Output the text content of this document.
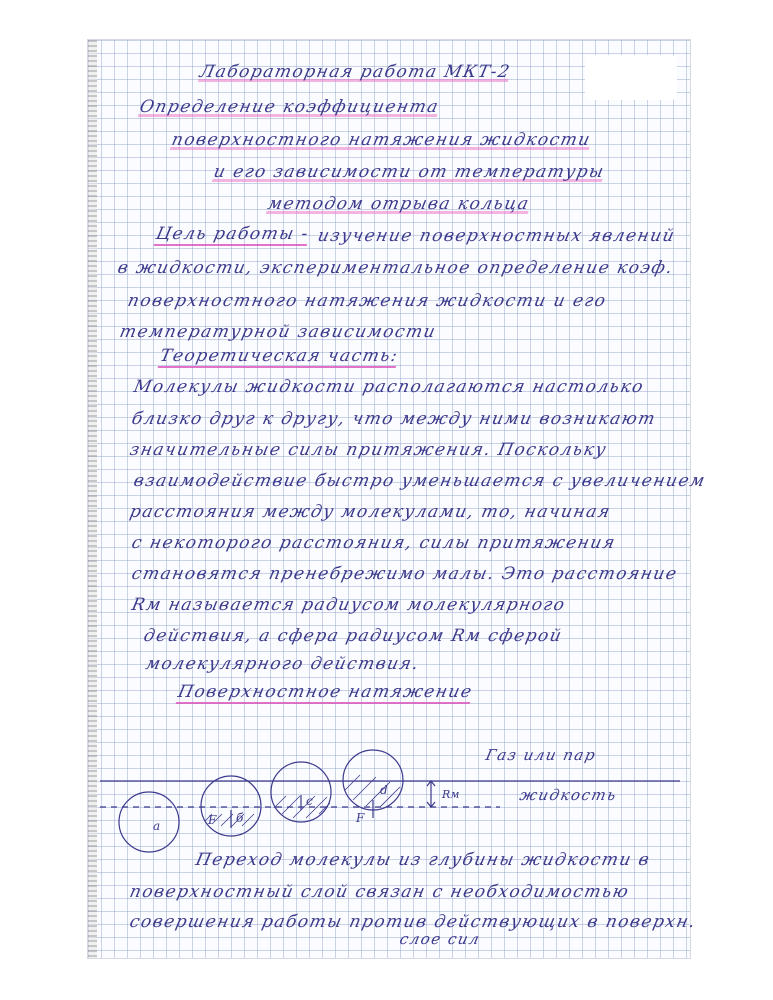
Лабораторная работа МКТ-2

Определение коэффициента

поверхностного натяжения жидкости

и его зависимости от температуры

методом отрыва кольца

Цель работы - изучение поверхностных явлений

в жидкости, экспериментальное определение коэф.

поверхностного натяжения жидкости и его

температурной зависимости

Теоретическая часть:

Молекулы жидкости располагаются настолько

близко друг к другу, что между ними возникают

значительные силы притяжения. Поскольку

взаимодействие быстро уменьшается с увеличением

расстояния между молекулами, то, начиная

с некоторого расстояния, силы притяжения

становятся пренебрежимо малы. Это расстояние

Rм называется радиусом молекулярного

действия, а сфера радиусом Rм сферой

молекулярного действия.

Поверхностное натяжение

a	F б
с
d
F
Rм

Газ или пар

жидкость

Переход молекулы из глубины жидкости в

поверхностный слой связан с необходимостью

совершения работы против действующих в поверхн.

слое сил
